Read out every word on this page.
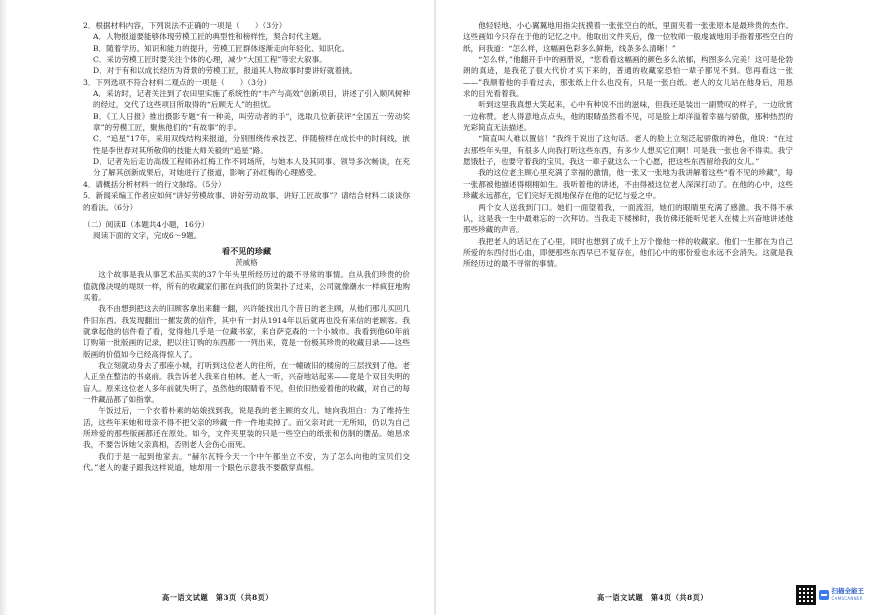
2．根据材料内容，下列说法不正确的一项是（　　）（3分）

A．人物报道要能够体现劳模工匠的典型性和榜样性，契合时代主题。

B．随着学历、知识和能力的提升，劳模工匠群体逐渐走向年轻化、知识化。

C．采访劳模工匠时要关注个体的心理，减少“大国工程”等宏大叙事。

D．对于有和以成长经历为背景的劳模工匠，报道其人物故事时要讲好就着挑。

3．下列选项不符合材料二观点的一项是（　　）（3分）

A．采访时，记者关注到了农田里实施了系统性的“丰产与高效”创新项目，讲述了引入顺风树种的经过，交代了这些项目所取得的“后顾无人”的担忧。

B．《工人日报》推出摄影专题“有一种美，叫劳动者的手”，选取几位新获评“全国五一劳动奖章”的劳模工匠，聚焦他们的“有故事”的手。

C．“追星”17年，采用双线结构来报道，分别围绕传承技艺、伴随榜样在成长中的时间线，嵌性是李世春对其所敬仰的技能大师关毅的“追星”路。

D．记者先后走访高级工程师孙红梅工作不同场所，与她本人及其同事、领导多次畅谈，在充分了解其创新成果后，对她进行了报道，影响了孙红梅的心理感受。

4．请概括分析材料一的行文脉络。（5分）

5．新闻采编工作者应如何“讲好劳模故事、讲好劳动故事、讲好工匠故事”？请结合材料二谈谈你的看法。（6分）

（二）阅读Ⅱ（本题共4小题，16分）

阅读下面的文字，完成6～9题。

看不见的珍藏

茨威格

这个故事是我从事艺术品买卖的37个年头里所经历过的最不寻常的事情。自从我们珍贵的价值就像决堤的堤坝一样，所有的收藏家们都在向我们的货架扑了过来，公司就像潮水一样疯狂地购买着。

我不由想到把这去的旧顾客拿出来翻一翻，兴许能找出几个昔日的老主顾，从他们那儿买回几件旧东西。我发现翻出一摞发黄的信件，其中有一封从1914年以后就再也没有来信的老顾客。我就拿起他的信件看了看，觉得他几乎是一位藏书家，来自萨克森的一个小城市。我看到他60年前订购第一批版画的记录，把以往订购的东西都一一列出来，竟是一份极其珍贵的收藏目录——这些版画的价值如今已经高得惊人了。

我立刻就动身去了那座小城，打听到这位老人的住所，在一幢破旧的楼房的三层找到了他。老人正坐在整洁的书桌前。我告诉老人我来自柏林。老人一听，兴奋地站起来——竟是个双目失明的盲人。原来这位老人多年前就失明了，虽然他的眼睛看不见，但依旧热爱着他的收藏，对自己的每一件藏品都了如指掌。

午饭过后，一个衣着朴素的姑娘找到我，说是我的老主顾的女儿。她向我坦白：为了维持生活，这些年来她和母亲不得不把父亲的珍藏一件一件地卖掉了。而父亲对此一无所知，仍以为自己所珍爱的那些版画都还在原处。如今，文件夹里装的只是一些空白的纸张和仿制的赝品。她恳求我，不要告诉她父亲真相，否则老人会伤心而死。

我们于是一起到他家去。“赫尔瓦特今天一个中午都坐立不安，为了怎么向他的宝贝们交代。”老人的妻子跟我这样说道，她却用一个眼色示意我不要戳穿真相。

高一语文试题　第3页（共8页）

他轻轻地、小心翼翼地用指尖抚摸着一张张空白的纸，里面夹着一张张原本是最珍贵的杰作。这些画如今只存在于他的记忆之中。他取出文件夹后，像一位牧师一般虔诚地用手指着那些空白的纸，问我道：“怎么样，这幅画色彩多么鲜艳，线条多么清晰！”

“怎么样，”他翻开手中的画册说，“您看看这幅画的颜色多么浓郁，构图多么完美！这可是伦勃朗的真迹，是我花了很大代价才买下来的，普通的收藏家恐怕一辈子都见不到。您再看这一张——”我顺着他的手看过去，那张纸上什么也没有，只是一张白纸。老人的女儿站在他身后，用恳求的目光看着我。

听到这里我真想大笑起来，心中有种说不出的滋味，但我还是装出一副赞叹的样子，一边欣赏一边称赞。老人得意地点点头，他的眼睛虽然看不见，可是脸上却洋溢着幸福与骄傲，那种热烈的光彩简直无法描述。

“简直叫人难以置信！”我终于说出了这句话。老人的脸上立刻泛起骄傲的神色，他说：“在过去那些年头里，有很多人向我打听这些东西，有多少人想买它们啊！可是我一张也舍不得卖。我宁愿饿肚子，也要守着我的宝贝。我这一辈子就这么一个心愿，把这些东西留给我的女儿。”

我的这位老主顾心里充满了幸福的激情，他一张又一张地为我讲解着这些“看不见的珍藏”，每一张都被他描述得栩栩如生。我听着他的讲述，不由得被这位老人深深打动了。在他的心中，这些珍藏永远都在，它们完好无损地保存在他的记忆与爱之中。

两个女人送我到门口。她们一面望着我，一面流泪，她们的眼睛里充满了感激。我不得不承认，这是我一生中最难忘的一次拜访。当我走下楼梯时，我仿佛还能听见老人在楼上兴奋地讲述他那些珍藏的声音。

我把老人的话记在了心里，同时也想到了成千上万个像他一样的收藏家。他们一生都在为自己所爱的东西付出心血，即便那些东西早已不复存在，他们心中的那份爱也永远不会消失。这就是我所经历过的最不寻常的事情。

高一语文试题　第4页（共8页）
扫描全能王
CAMSCANNER
